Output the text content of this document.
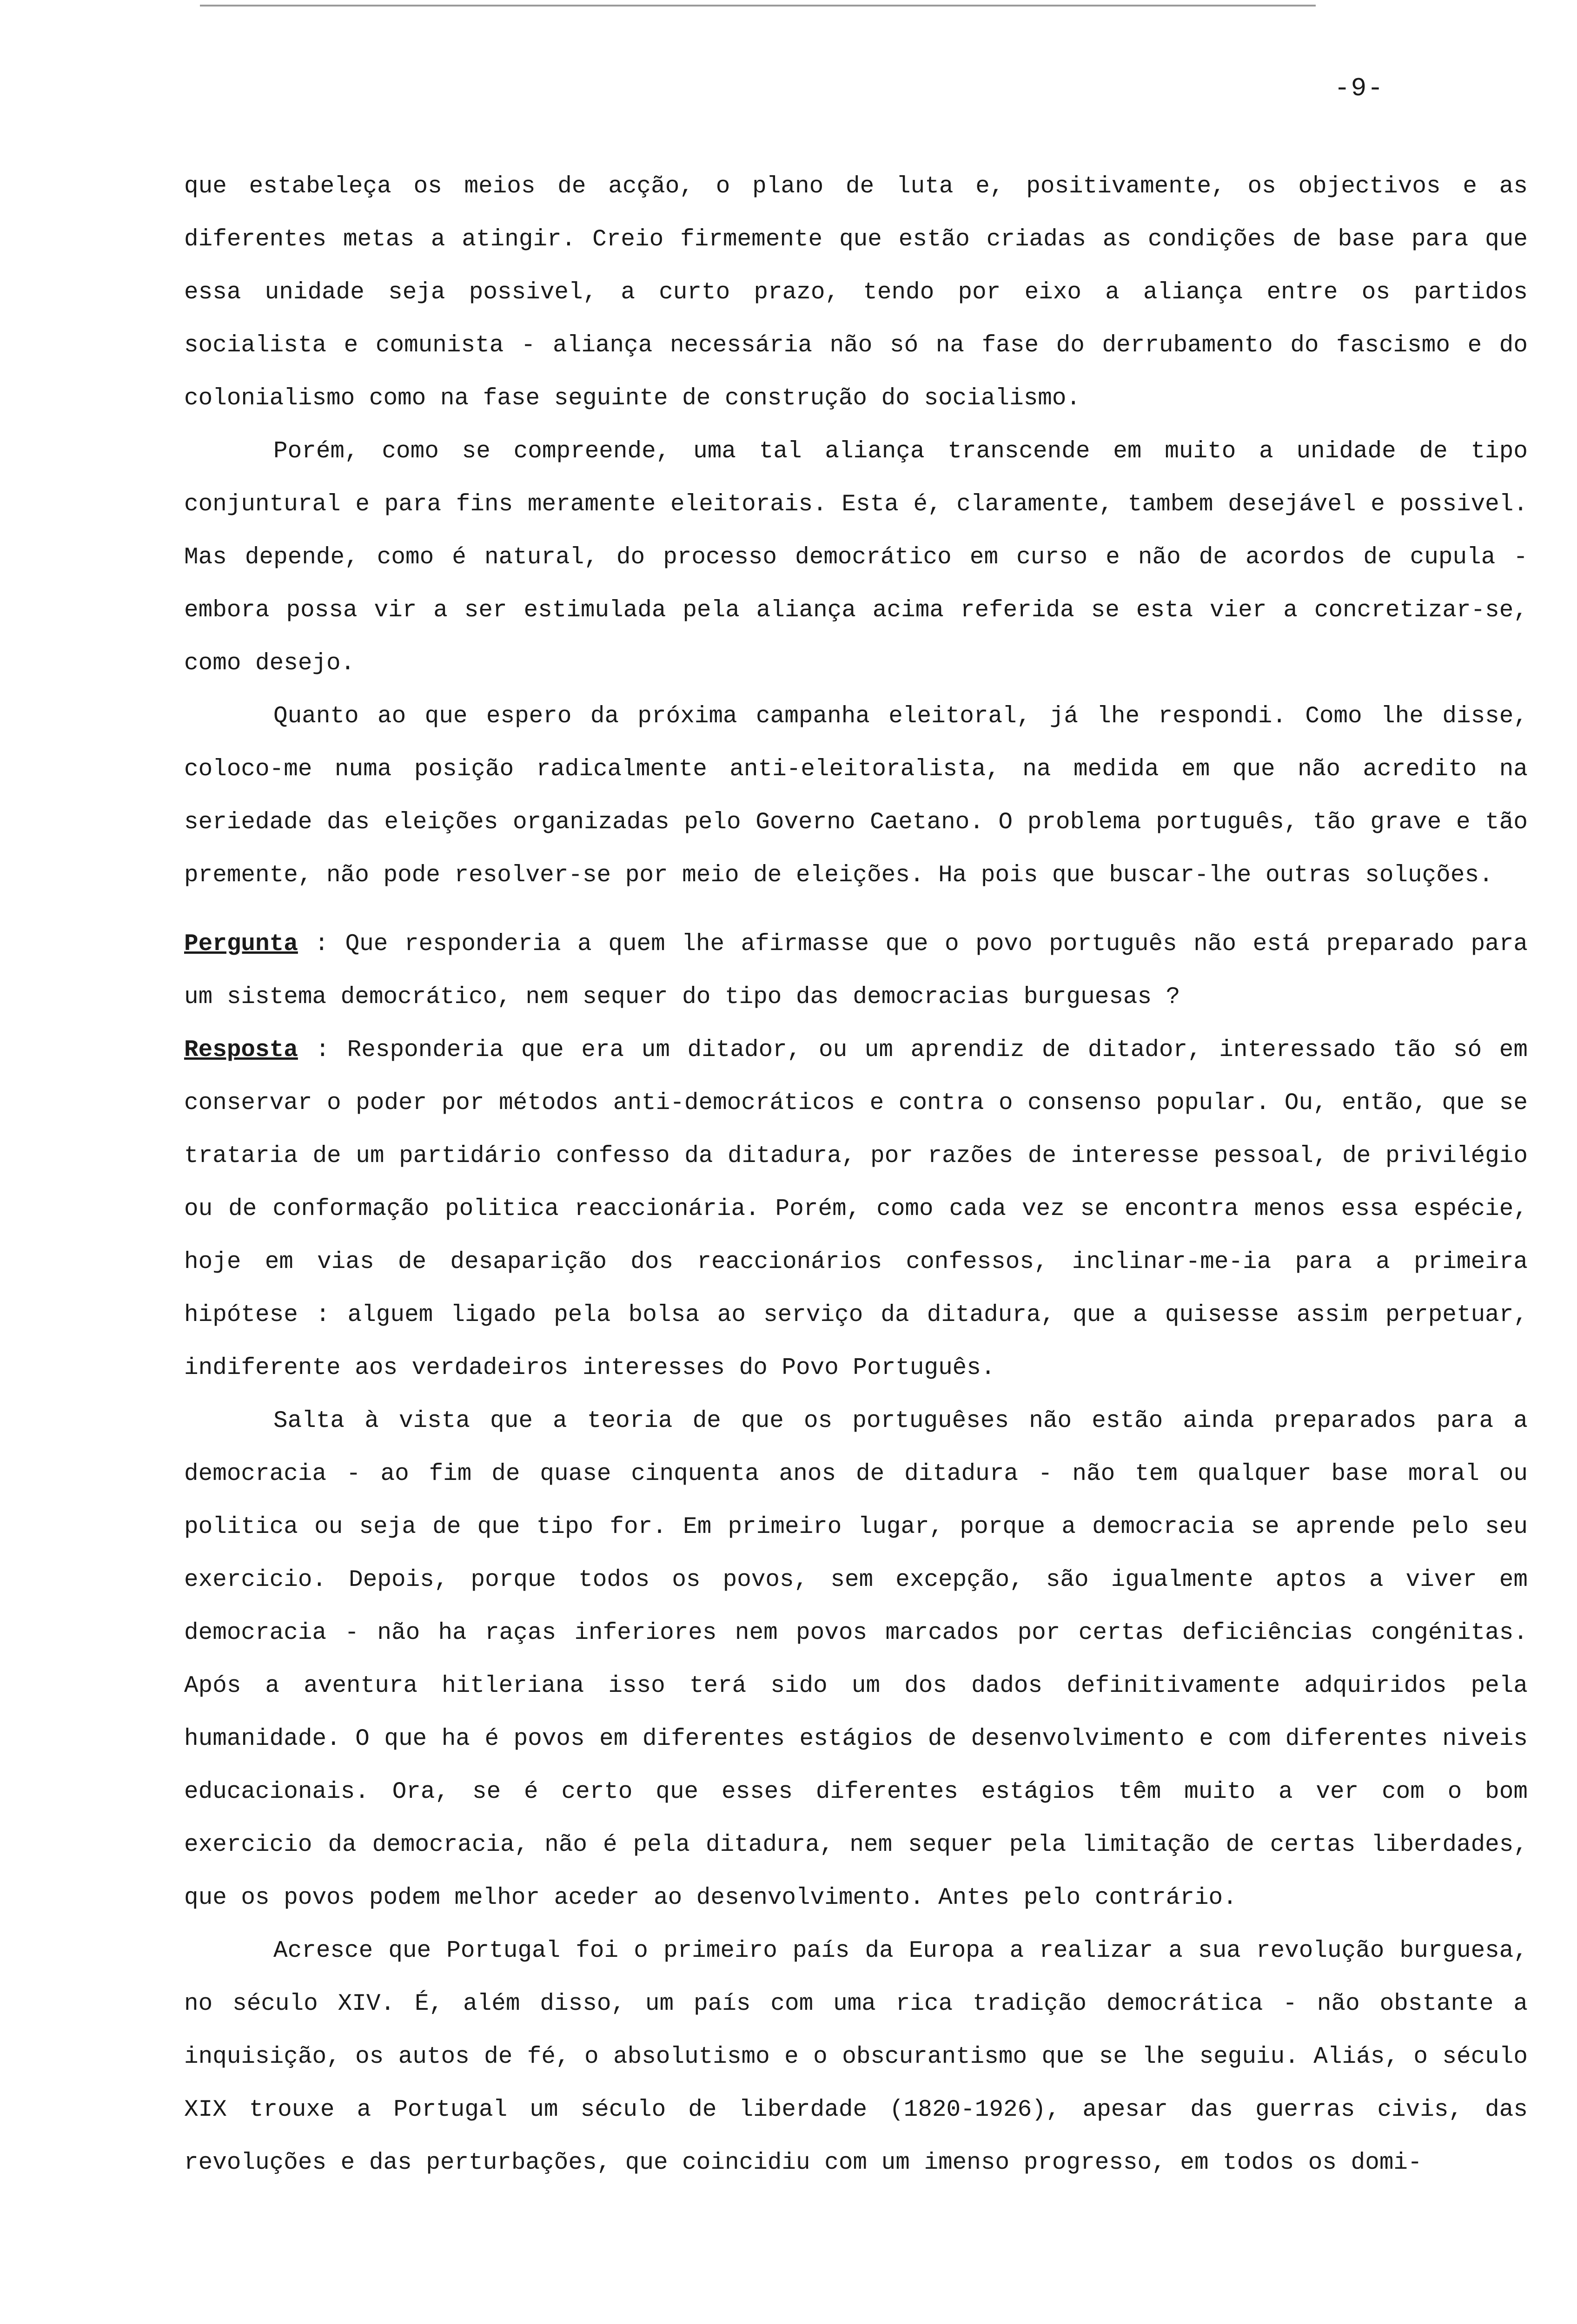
-9-

que estabeleça os meios de acção, o plano de luta e, positivamente, os objectivos e as diferentes metas a atingir. Creio firmemente que estão criadas as condições de base para que essa unidade seja possivel, a curto prazo, tendo por eixo a aliança entre os partidos socialista e comunista - aliança necessária não só na fase do derrubamento do fascismo e do colonialismo como na fase seguinte de construção do socialismo.

Porém, como se compreende, uma tal aliança transcende em muito a unidade de tipo conjuntural e para fins meramente eleitorais. Esta é, claramente, tambem desejável e possivel. Mas depende, como é natural, do processo democrático em curso e não de acordos de cupula - embora possa vir a ser estimulada pela aliança acima referida se esta vier a concretizar-se, como desejo.

Quanto ao que espero da próxima campanha eleitoral, já lhe respondi. Como lhe disse, coloco-me numa posição radicalmente anti-eleitoralista, na medida em que não acredito na seriedade das eleições organizadas pelo Governo Caetano. O problema português, tão grave e tão premente, não pode resolver-se por meio de eleições. Ha pois que buscar-lhe outras soluções.

Pergunta : Que responderia a quem lhe afirmasse que o povo português não está preparado para um sistema democrático, nem sequer do tipo das democracias burguesas ?

Resposta : Responderia que era um ditador, ou um aprendiz de ditador, interessado tão só em conservar o poder por métodos anti-democráticos e contra o consenso popular. Ou, então, que se trataria de um partidário confesso da ditadura, por razões de interesse pessoal, de privilégio ou de conformação politica reaccionária. Porém, como cada vez se encontra menos essa espécie, hoje em vias de desaparição dos reaccionários confessos, inclinar-me-ia para a primeira hipótese : alguem ligado pela bolsa ao serviço da ditadura, que a quisesse assim perpetuar, indiferente aos verdadeiros interesses do Povo Português.

Salta à vista que a teoria de que os portuguêses não estão ainda preparados para a democracia - ao fim de quase cinquenta anos de ditadura - não tem qualquer base moral ou politica ou seja de que tipo for. Em primeiro lugar, porque a democracia se aprende pelo seu exercicio. Depois, porque todos os povos, sem excepção, são igualmente aptos a viver em democracia - não ha raças inferiores nem povos marcados por certas deficiências congénitas. Após a aventura hitleriana isso terá sido um dos dados definitivamente adquiridos pela humanidade. O que ha é povos em diferentes estágios de desenvolvimento e com diferentes niveis educacionais. Ora, se é certo que esses diferentes estágios têm muito a ver com o bom exercicio da democracia, não é pela ditadura, nem sequer pela limitação de certas liberdades, que os povos podem melhor aceder ao desenvolvimento. Antes pelo contrário.

Acresce que Portugal foi o primeiro país da Europa a realizar a sua revolução burguesa, no século XIV. É, além disso, um país com uma rica tradição democrática - não obstante a inquisição, os autos de fé, o absolutismo e o obscurantismo que se lhe seguiu. Aliás, o século XIX trouxe a Portugal um século de liberdade (1820-1926), apesar das guerras civis, das revoluções e das perturbações, que coincidiu com um imenso progresso, em todos os domi-
